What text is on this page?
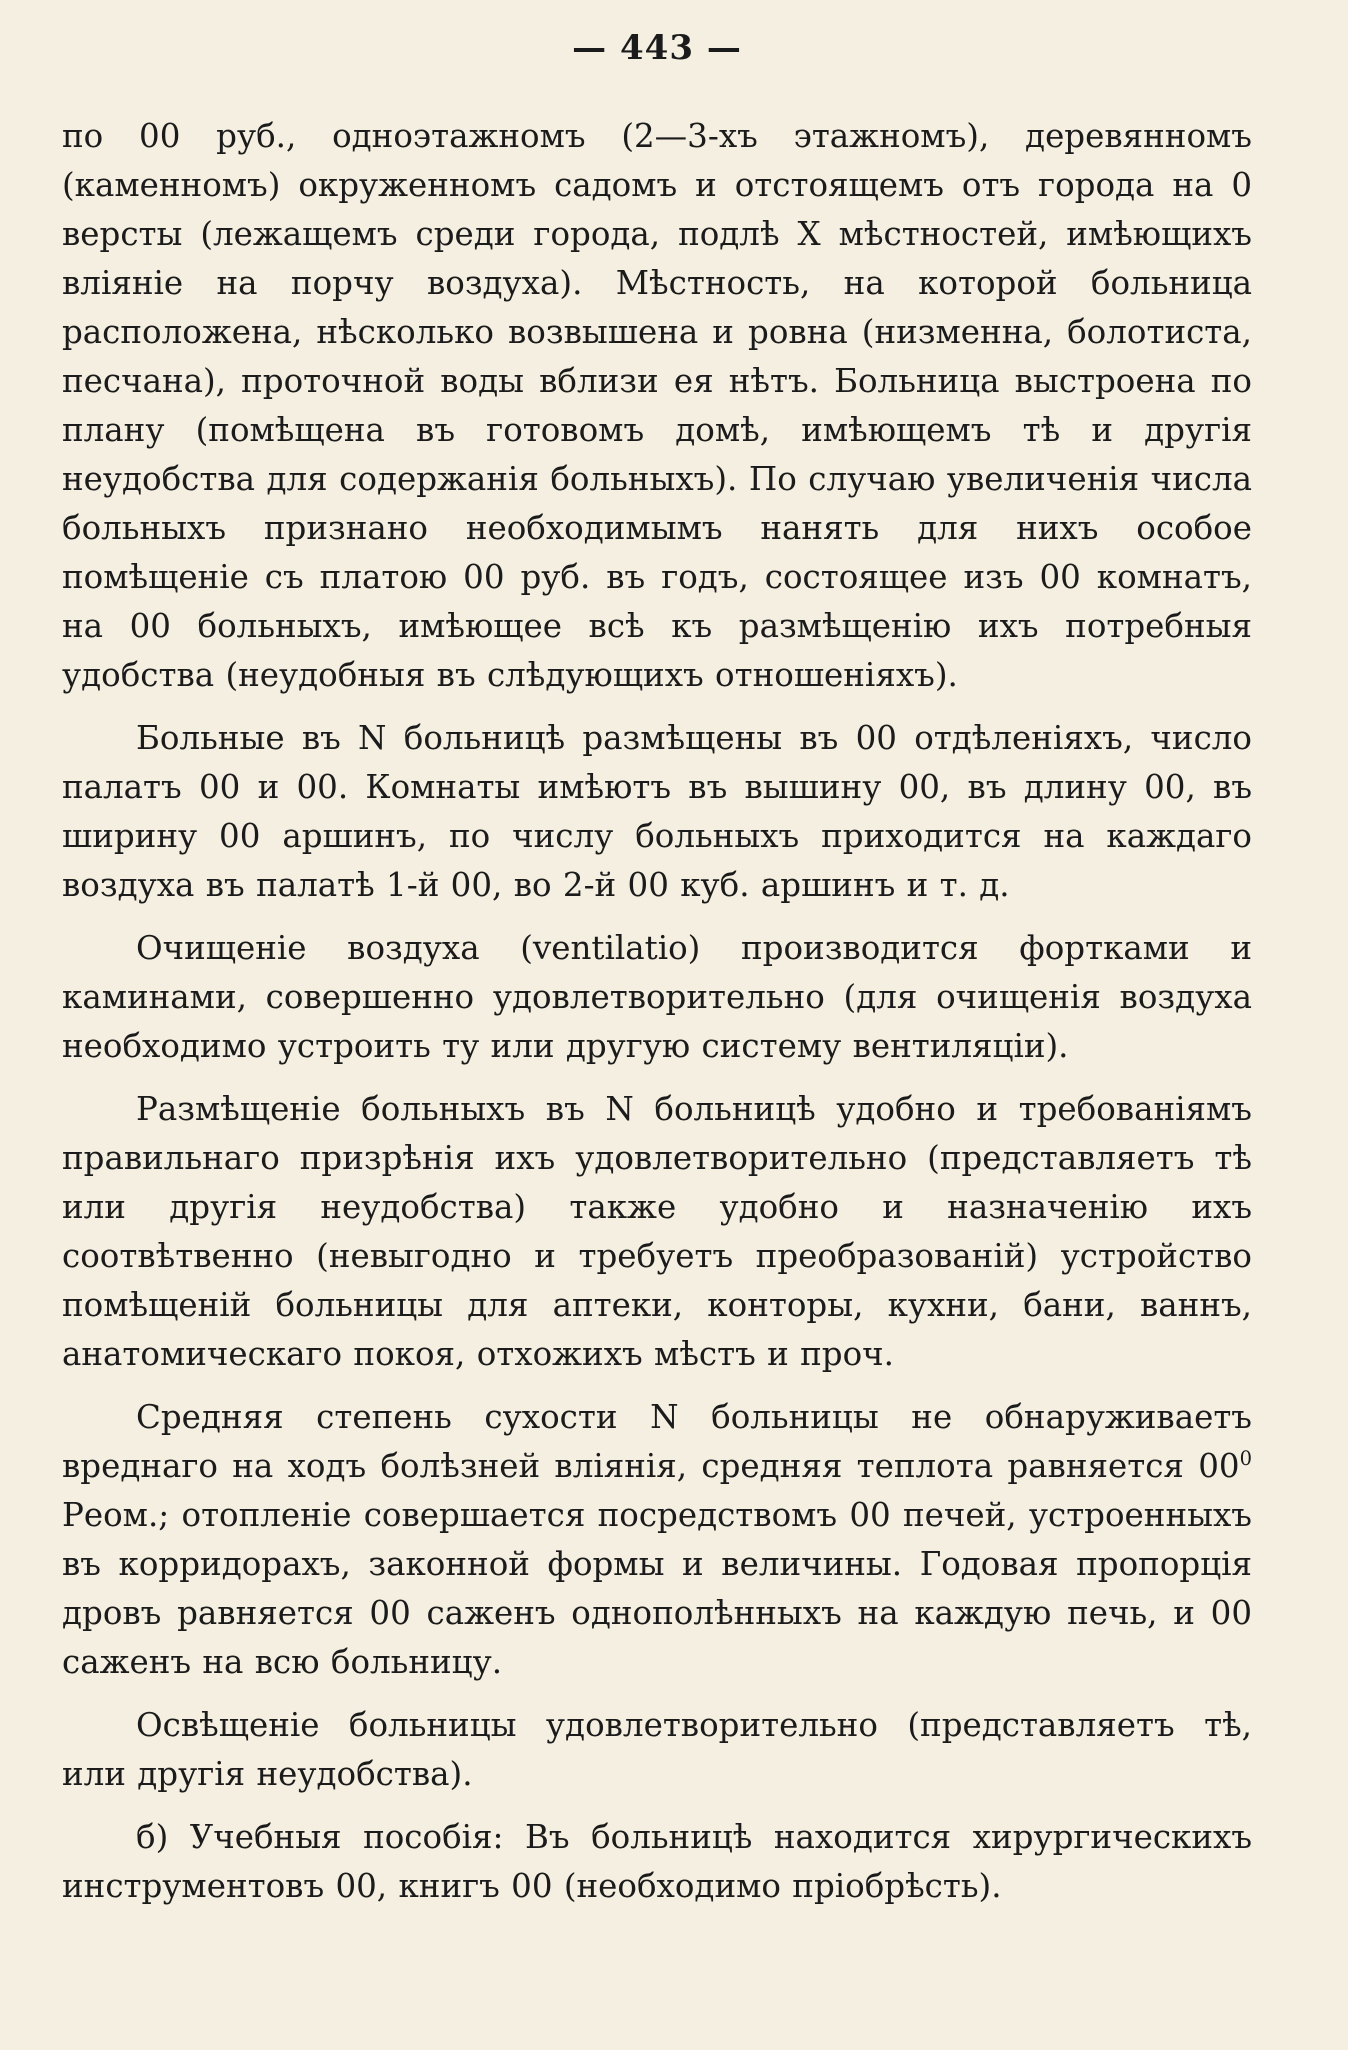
— 443 —

по 00 руб., одноэтажномъ (2—3-хъ этажномъ), деревянномъ (каменномъ) окруженномъ садомъ и отстоящемъ отъ города на 0 версты (лежащемъ среди города, подлѣ X мѣстностей, имѣющихъ вліяніе на порчу воздуха). Мѣстность, на которой больница расположена, нѣсколько возвышена и ровна (низменна, болотиста, песчана), проточной воды вблизи ея нѣтъ. Больница выстроена по плану (помѣщена въ готовомъ домѣ, имѣющемъ тѣ и другія неудобства для содержанія больныхъ). По случаю увеличенія числа больныхъ признано необходимымъ нанять для нихъ особое помѣщеніе съ платою 00 руб. въ годъ, состоящее изъ 00 комнатъ, на 00 больныхъ, имѣющее всѣ къ размѣщенію ихъ потребныя удобства (неудобныя въ слѣдующихъ отношеніяхъ).

Больные въ N больницѣ размѣщены въ 00 отдѣленіяхъ, число палатъ 00 и 00. Комнаты имѣютъ въ вышину 00, въ длину 00, въ ширину 00 аршинъ, по числу больныхъ приходится на каждаго воздуха въ палатѣ 1-й 00, во 2-й 00 куб. аршинъ и т. д.

Очищеніе воздуха (ventilatio) производится фортками и каминами, совершенно удовлетворительно (для очищенія воздуха необходимо устроить ту или другую систему вентиляціи).

Размѣщеніе больныхъ въ N больницѣ удобно и требованіямъ правильнаго призрѣнія ихъ удовлетворительно (представляетъ тѣ или другія неудобства) также удобно и назначенію ихъ соотвѣтвенно (невыгодно и требуетъ преобразованій) устройство помѣщеній больницы для аптеки, конторы, кухни, бани, ваннъ, анатомическаго покоя, отхожихъ мѣстъ и проч.

Средняя степень сухости N больницы не обнаруживаетъ вреднаго на ходъ болѣзней вліянія, средняя теплота равняется $00^0$ Реом.; отопленіе совершается посредствомъ 00 печей, устроенныхъ въ корридорахъ, законной формы и величины. Годовая пропорція дровъ равняется 00 саженъ однополѣнныхъ на каждую печь, и 00 саженъ на всю больницу.

Освѣщеніе больницы удовлетворительно (представляетъ тѣ, или другія неудобства).

б) Учебныя пособія: Въ больницѣ находится хирургическихъ инструментовъ 00, книгъ 00 (необходимо пріобрѣсть).
